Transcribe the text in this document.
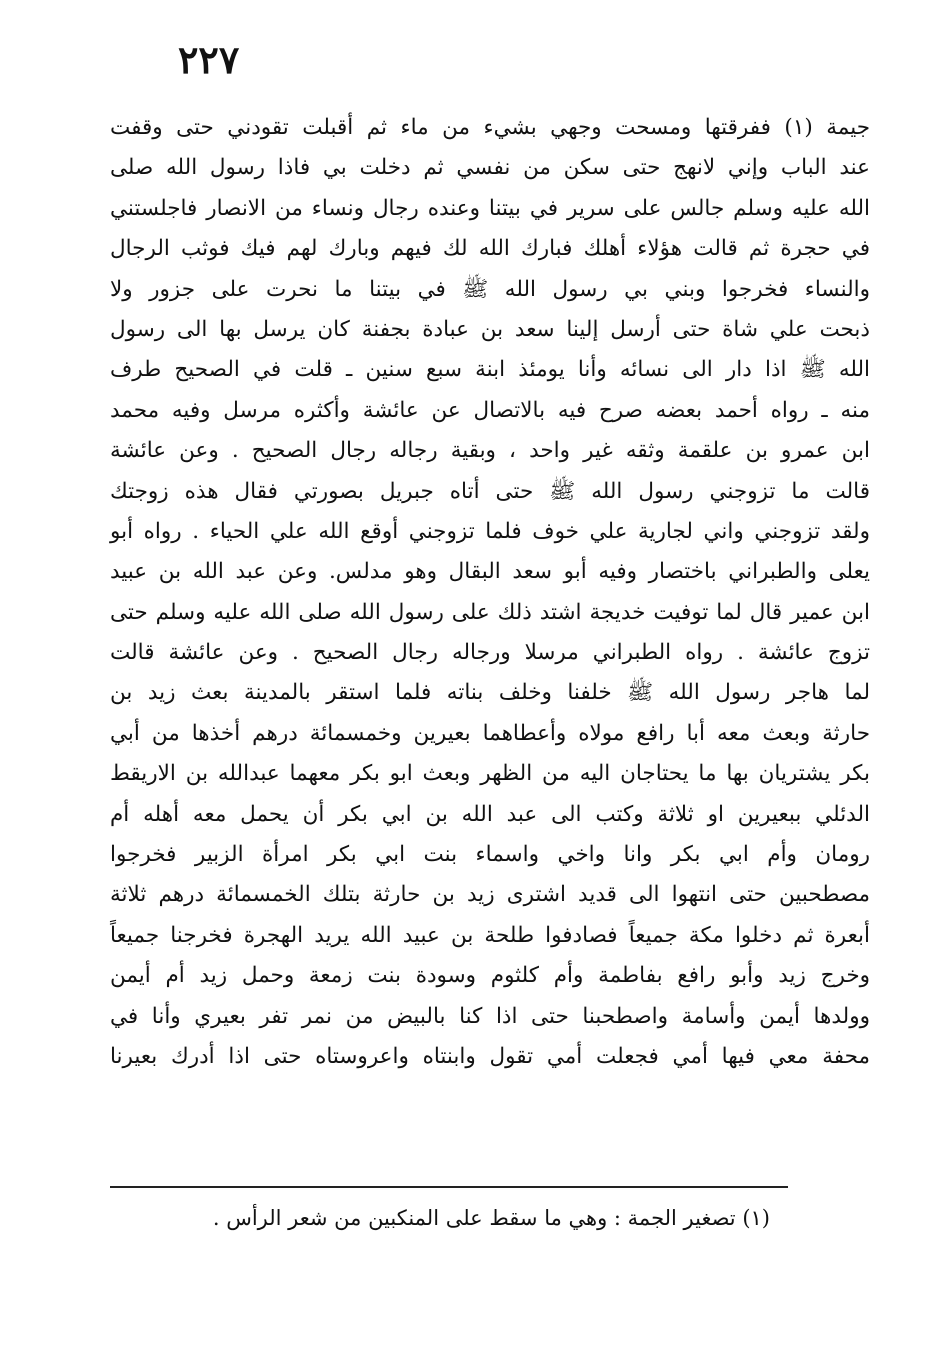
٢٢٧
جيمة (١) ففرقتها ومسحت وجهي بشيء من ماء ثم أقبلت تقودني حتى وقفت
عند الباب وإني لانهج حتى سكن من نفسي ثم دخلت بي فاذا رسول الله صلى
الله عليه وسلم جالس على سرير في بيتنا وعنده رجال ونساء من الانصار فاجلستني
في حجرة ثم قالت هؤلاء أهلك فبارك الله لك فيهم وبارك لهم فيك فوثب الرجال
والنساء فخرجوا وبني بي رسول الله ﷺ في بيتنا ما نحرت على جزور ولا
ذبحت علي شاة حتى أرسل إلينا سعد بن عبادة بجفنة كان يرسل بها الى رسول
الله ﷺ اذا دار الى نسائه وأنا يومئذ ابنة سبع سنين ـ قلت في الصحيح طرف
منه ـ رواه أحمد بعضه صرح فيه بالاتصال عن عائشة وأكثره مرسل وفيه محمد
ابن عمرو بن علقمة وثقه غير واحد ، وبقية رجاله رجال الصحيح . وعن عائشة
قالت ما تزوجني رسول الله ﷺ حتى أتاه جبريل بصورتي فقال هذه زوجتك
ولقد تزوجني واني لجارية علي خوف فلما تزوجني أوقع الله علي الحياء . رواه أبو
يعلى والطبراني باختصار وفيه أبو سعد البقال وهو مدلس. وعن عبد الله بن عبيد
ابن عمير قال لما توفيت خديجة اشتد ذلك على رسول الله صلى الله عليه وسلم حتى
تزوج عائشة . رواه الطبراني مرسلا ورجاله رجال الصحيح . وعن عائشة قالت
لما هاجر رسول الله ﷺ خلفنا وخلف بناته فلما استقر بالمدينة بعث زيد بن
حارثة وبعث معه أبا رافع مولاه وأعطاهما بعيرين وخمسمائة درهم أخذها من أبي
بكر يشتريان بها ما يحتاجان اليه من الظهر وبعث ابو بكر معهما عبدالله بن الاريقط
الدئلي ببعيرين او ثلاثة وكتب الى عبد الله بن ابي بكر أن يحمل معه أهله أم
رومان وأم ابي بكر وانا واخي واسماء بنت ابي بكر امرأة الزبير فخرجوا
مصطحبين حتى انتهوا الى قديد اشترى زيد بن حارثة بتلك الخمسمائة درهم ثلاثة
أبعرة ثم دخلوا مكة جميعاً فصادفوا طلحة بن عبيد الله يريد الهجرة فخرجنا جميعاً
وخرج زيد وأبو رافع بفاطمة وأم كلثوم وسودة بنت زمعة وحمل زيد أم أيمن
وولدها أيمن وأسامة واصطحبنا حتى اذا كنا بالبيض من نمر تفر بعيري وأنا في
محفة معي فيها أمي فجعلت أمي تقول وابنتاه واعروستاه حتى اذا أدرك بعيرنا
(١) تصغير الجمة : وهي ما سقط على المنكبين من شعر الرأس .
